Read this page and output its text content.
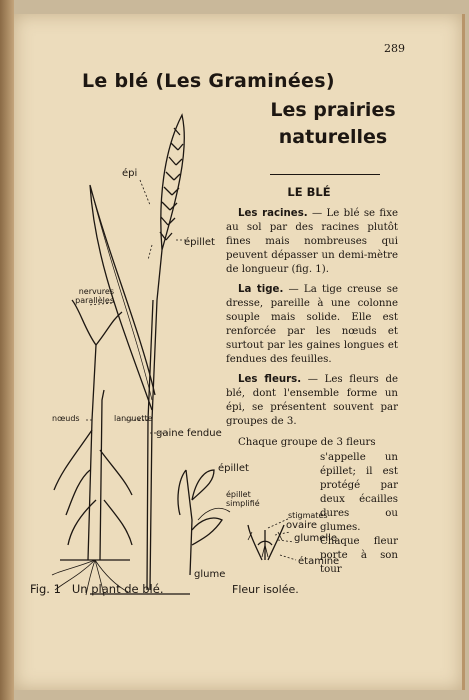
289
Le blé (Les Graminées)
Les prairies
naturelles
LE BLÉ

Les racines. — Le blé se fixe au sol par des racines plutôt fines mais nombreuses qui peuvent dépasser un demi-mètre de longueur (fig. 1).

La tige. — La tige creuse se dresse, pareille à une colonne souple mais solide. Elle est renforcée par les nœuds et surtout par les gaines longues et fendues des feuilles.

Les fleurs. — Les fleurs de blé, dont l'ensemble forme un épi, se présentent souvent par groupes de 3.

Chaque groupe de 3 fleurs

s'appelle un épillet; il est protégé par deux écailles dures ou glumes. Chaque fleur porte à son tour

épi
épillet
nervures parallèles
nœuds	languette
gaine fendue
épillet
épillet simplifié
stigmates
ovaire
glumelle
étamine
glume
Fleur isolée.
Fig. 1 Un plant de blé.
